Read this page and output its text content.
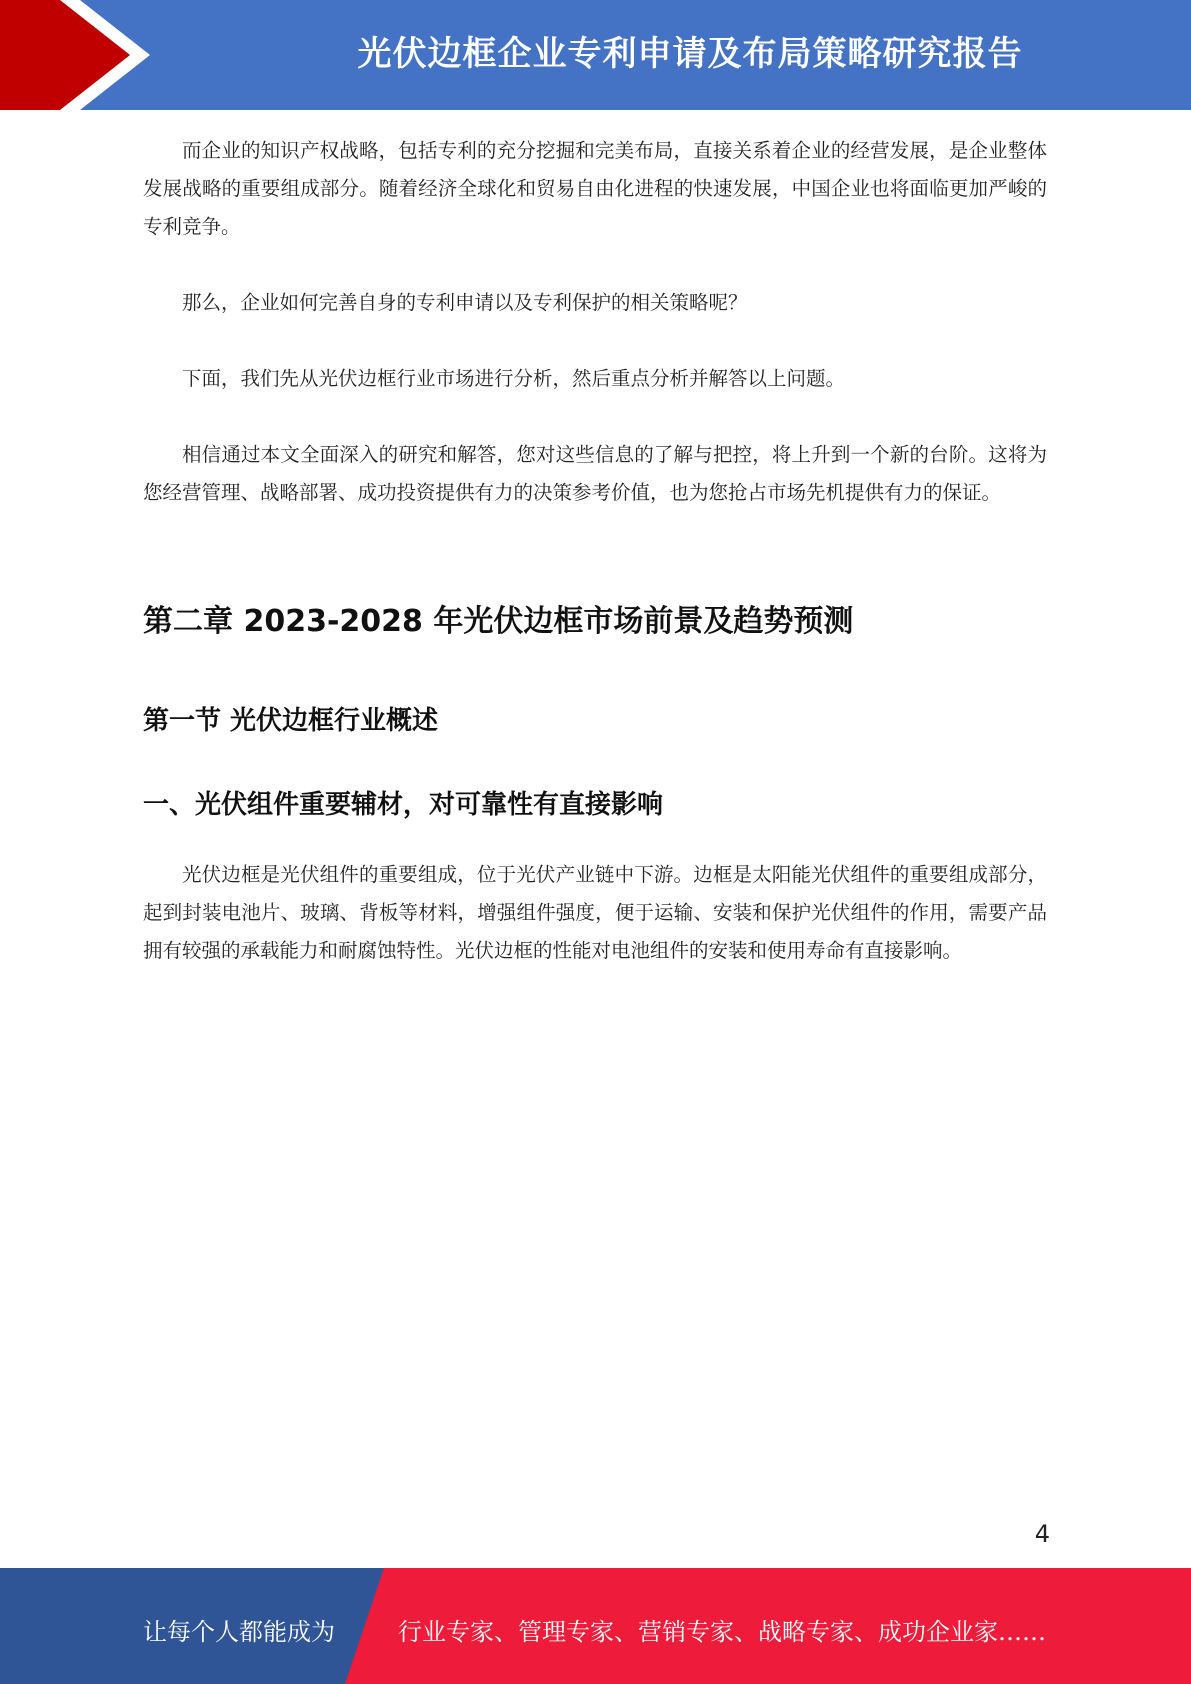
光伏边框企业专利申请及布局策略研究报告

而企业的知识产权战略，包括专利的充分挖掘和完美布局，直接关系着企业的经营发展，是企业整体发展战略的重要组成部分。随着经济全球化和贸易自由化进程的快速发展，中国企业也将面临更加严峻的专利竞争。

那么，企业如何完善自身的专利申请以及专利保护的相关策略呢？

下面，我们先从光伏边框行业市场进行分析，然后重点分析并解答以上问题。

相信通过本文全面深入的研究和解答，您对这些信息的了解与把控，将上升到一个新的台阶。这将为您经营管理、战略部署、成功投资提供有力的决策参考价值，也为您抢占市场先机提供有力的保证。

第二章 2023-2028 年光伏边框市场前景及趋势预测
第一节 光伏边框行业概述
一、光伏组件重要辅材，对可靠性有直接影响

光伏边框是光伏组件的重要组成，位于光伏产业链中下游。边框是太阳能光伏组件的重要组成部分，起到封装电池片、玻璃、背板等材料，增强组件强度，便于运输、安装和保护光伏组件的作用，需要产品拥有较强的承载能力和耐腐蚀特性。光伏边框的性能对电池组件的安装和使用寿命有直接影响。

4
让每个人都能成为	行业专家、管理专家、营销专家、战略专家、成功企业家……
